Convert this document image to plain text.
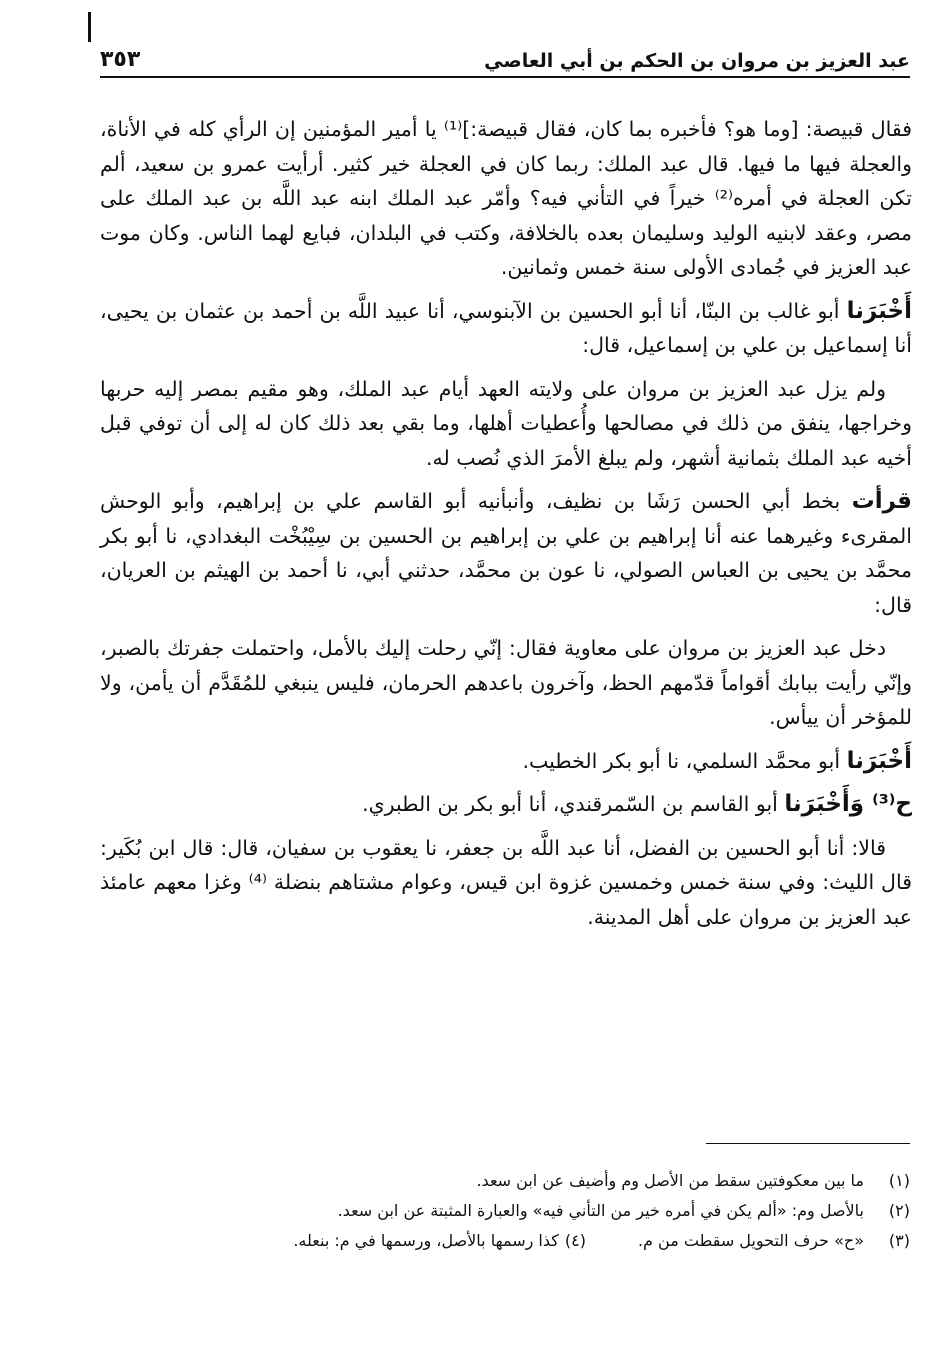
عبد العزيز بن مروان بن الحكم بن أبي العاصي
٣٥٣

فقال قبيصة: [وما هو؟ فأخبره بما كان، فقال قبيصة:]⁽¹⁾ يا أمير المؤمنين إن الرأي كله في الأناة، والعجلة فيها ما فيها. قال عبد الملك: ربما كان في العجلة خير كثير. أرأيت عمرو بن سعيد، ألم تكن العجلة في أمره⁽²⁾ خيراً في التأني فيه؟ وأمّر عبد الملك ابنه عبد اللَّه بن عبد الملك على مصر، وعقد لابنيه الوليد وسليمان بعده بالخلافة، وكتب في البلدان، فبايع لهما الناس. وكان موت عبد العزيز في جُمادى الأولى سنة خمس وثمانين.

أَخْبَرَنا أبو غالب بن البنّا، أنا أبو الحسين بن الآبنوسي، أنا عبيد اللَّه بن أحمد بن عثمان بن يحيى، أنا إسماعيل بن علي بن إسماعيل، قال:

ولم يزل عبد العزيز بن مروان على ولايته العهد أيام عبد الملك، وهو مقيم بمصر إليه حربها وخراجها، ينفق من ذلك في مصالحها وأُعطيات أهلها، وما بقي بعد ذلك كان له إلى أن توفي قبل أخيه عبد الملك بثمانية أشهر، ولم يبلغ الأمرَ الذي نُصب له.

قرأت بخط أبي الحسن رَشَا بن نظيف، وأنبأنيه أبو القاسم علي بن إبراهيم، وأبو الوحش المقرىء وغيرهما عنه أنا إبراهيم بن علي بن إبراهيم بن الحسين بن سِيْبُخْت البغدادي، نا أبو بكر محمَّد بن يحيى بن العباس الصولي، نا عون بن محمَّد، حدثني أبي، نا أحمد بن الهيثم بن العريان، قال:

دخل عبد العزيز بن مروان على معاوية فقال: إنّي رحلت إليك بالأمل، واحتملت جفرتك بالصبر، وإنّي رأيت ببابك أقواماً قدّمهم الحظ، وآخرون باعدهم الحرمان، فليس ينبغي للمُقَدَّم أن يأمن، ولا للمؤخر أن ييأس.

أَخْبَرَنا أبو محمَّد السلمي، نا أبو بكر الخطيب.

ح⁽³⁾ وَأَخْبَرَنا أبو القاسم بن السّمرقندي، أنا أبو بكر بن الطبري.

قالا: أنا أبو الحسين بن الفضل، أنا عبد اللَّه بن جعفر، نا يعقوب بن سفيان، قال: قال ابن بُكَير: قال الليث: وفي سنة خمس وخمسين غزوة ابن قيس، وعوام مشتاهم بنضلة ⁽⁴⁾ وغزا معهم عامئذ عبد العزيز بن مروان على أهل المدينة.

(١)
ما بين معكوفتين سقط من الأصل وم وأضيف عن ابن سعد.
(٢)
بالأصل وم: «ألم يكن في أمره خير من التأني فيه» والعبارة المثبتة عن ابن سعد.
(٣)
«ح» حرف التحويل سقطت من م.
(٤)
كذا رسمها بالأصل، ورسمها في م: بنعله.
